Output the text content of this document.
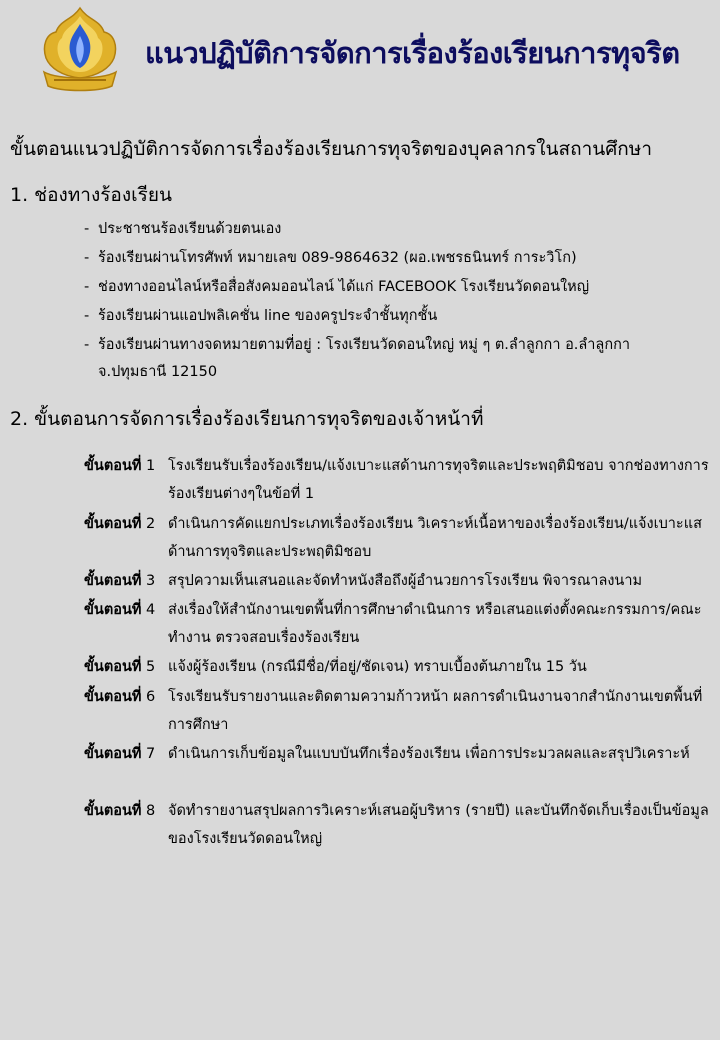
แนวปฏิบัติการจัดการเรื่องร้องเรียนการทุจริต
ขั้นตอนแนวปฏิบัติการจัดการเรื่องร้องเรียนการทุจริตของบุคลากรในสถานศึกษา
1. ช่องทางร้องเรียน
- ประชาชนร้องเรียนด้วยตนเอง
- ร้องเรียนผ่านโทรศัพท์ หมายเลข 089-9864632 (ผอ.เพชรธนินทร์ การะวิโก)
- ช่องทางออนไลน์หรือสื่อสังคมออนไลน์ ได้แก่ FACEBOOK โรงเรียนวัดดอนใหญ่
- ร้องเรียนผ่านแอปพลิเคชั่น line ของครูประจำชั้นทุกชั้น
- ร้องเรียนผ่านทางจดหมายตามที่อยู่ : โรงเรียนวัดดอนใหญ่ หมู่ ๆ ต.ลำลูกกา อ.ลำลูกกา
จ.ปทุมธานี 12150
2. ขั้นตอนการจัดการเรื่องร้องเรียนการทุจริตของเจ้าหน้าที่
ขั้นตอนที่ 1 โรงเรียนรับเรื่องร้องเรียน/แจ้งเบาะแสด้านการทุจริตและประพฤติมิชอบ จากช่องทางการร้องเรียนต่างๆในข้อที่ 1
ขั้นตอนที่ 2 ดำเนินการคัดแยกประเภทเรื่องร้องเรียน วิเคราะห์เนื้อหาของเรื่องร้องเรียน/แจ้งเบาะแสด้านการทุจริตและประพฤติมิชอบ
ขั้นตอนที่ 3 สรุปความเห็นเสนอและจัดทำหนังสือถึงผู้อำนวยการโรงเรียน พิจารณาลงนาม
ขั้นตอนที่ 4 ส่งเรื่องให้สำนักงานเขตพื้นที่การศึกษาดำเนินการ หรือเสนอแต่งตั้งคณะกรรมการ/คณะทำงาน ตรวจสอบเรื่องร้องเรียน
ขั้นตอนที่ 5 แจ้งผู้ร้องเรียน (กรณีมีชื่อ/ที่อยู่/ชัดเจน) ทราบเบื้องต้นภายใน 15 วัน
ขั้นตอนที่ 6 โรงเรียนรับรายงานและติดตามความก้าวหน้า ผลการดำเนินงานจากสำนักงานเขตพื้นที่การศึกษา
ขั้นตอนที่ 7 ดำเนินการเก็บข้อมูลในแบบบันทึกเรื่องร้องเรียน เพื่อการประมวลผลและสรุปวิเคราะห์
ขั้นตอนที่ 8 จัดทำรายงานสรุปผลการวิเคราะห์เสนอผู้บริหาร (รายปี) และบันทึกจัดเก็บเรื่องเป็นข้อมูลของโรงเรียนวัดดอนใหญ่
